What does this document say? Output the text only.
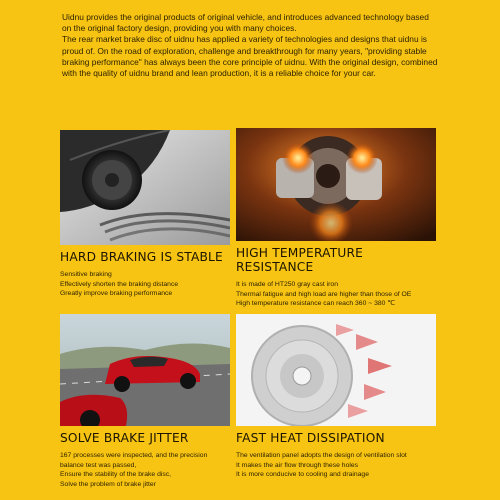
Uidnu provides the original products of original vehicle, and introduces advanced technology based on the original factory design, providing you with many choices.

The rear market brake disc of uidnu has applied a variety of technologies and designs that uidnu is proud of. On the road of exploration, challenge and breakthrough for many years, "providing stable braking performance" has always been the core principle of uidnu. With the original design, combined with the quality of uidnu brand and lean production, it is a reliable choice for your car.

HARD BRAKING IS STABLE
Sensitive braking
Effectively shorten the braking distance
Greatly improve braking performance
HIGH TEMPERATURE RESISTANCE
It is made of HT250 gray cast iron
Thermal fatigue and high load are higher than those of OE
High temperature resistance can reach 360 ~ 380 ℃
SOLVE BRAKE JITTER
167 processes were inspected, and the precision balance test was passed,
Ensure the stability of the brake disc,
Solve the problem of brake jitter
FAST HEAT DISSIPATION
The ventilation panel adopts the design of ventilation slot
It makes the air flow through these holes
It is more conducive to cooling and drainage
